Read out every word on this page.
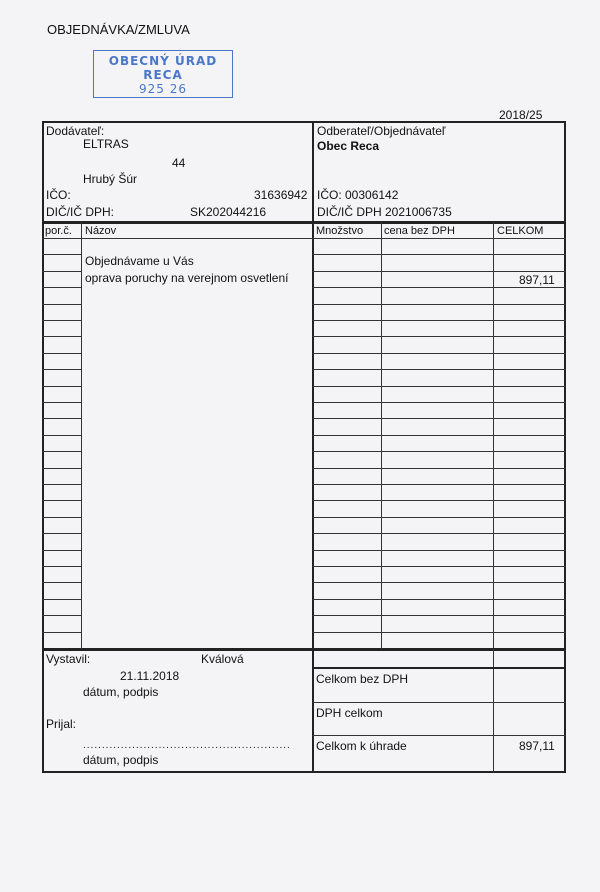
OBJEDNÁVKA/ZMLUVA
OBECNÝ ÚRAD
RECA
925 26
2018/25
Dodávateľ:
ELTRAS
44
Hrubý Šúr
IČO:	31636942
DIČ/IČ DPH:	SK202044216
Odberateľ/Objednávateľ
Obec Reca
IČO: 00306142
DIČ/IČ DPH 2021006735
por.č. Názov	Množstvo cena bez DPH	CELKOM
Objednávame u Vás
oprava poruchy na verejnom osvetlení	897,11
Vystavil:	Kválová
21.11.2018
dátum, podpis
Prijal:
.......................................................
dátum, podpis
Celkom bez DPH
DPH celkom
Celkom k úhrade	897,11
